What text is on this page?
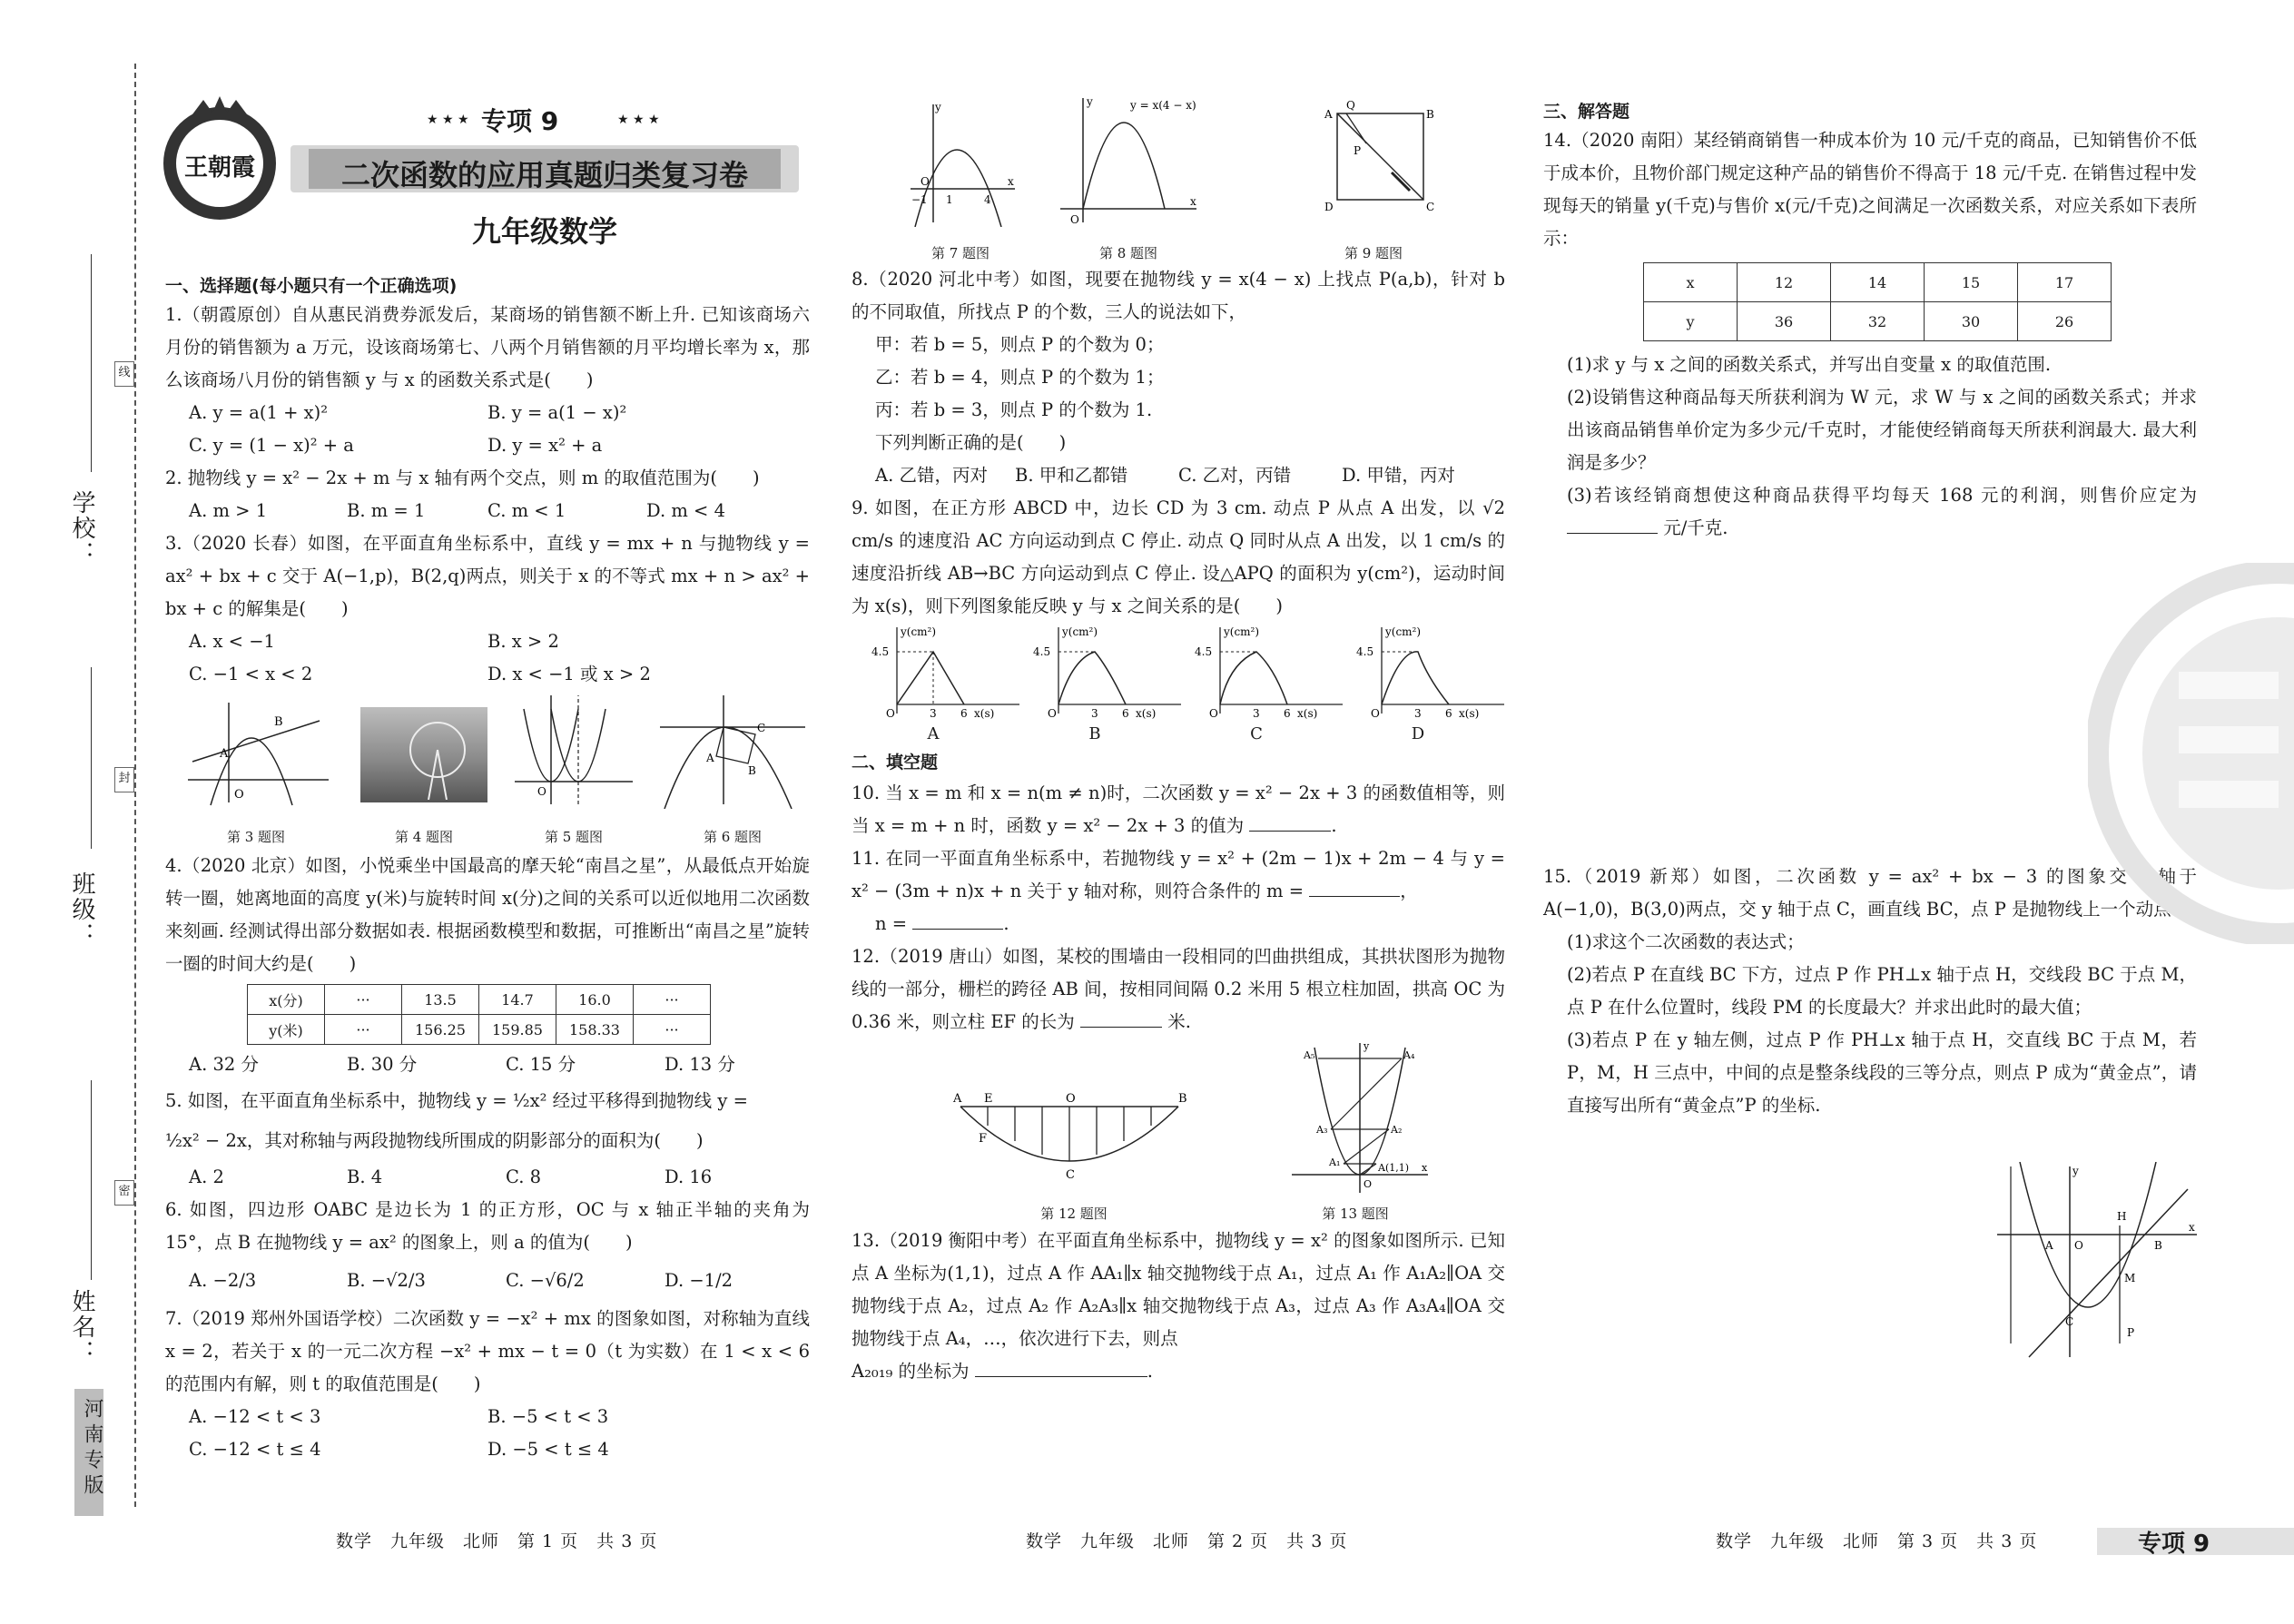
学校：
班级：
姓名：
线
封
密
河南专版
王朝霞
★ ★ ★ 专项 9	★ ★ ★
二次函数的应用真题归类复习卷
九年级数学
一、选择题(每小题只有一个正确选项)

1.（朝霞原创）自从惠民消费券派发后，某商场的销售额不断上升. 已知该商场六月份的销售额为 a 万元，设该商场第七、八两个月销售额的月平均增长率为 x，那么该商场八月份的销售额 y 与 x 的函数关系式是(　　)

A. y = a(1 + x)²	B. y = a(1 − x)²
C. y = (1 − x)² + a	D. y = x² + a

2. 抛物线 y = x² − 2x + m 与 x 轴有两个交点，则 m 的取值范围为(　　)

A. m > 1	B. m = 1	C. m < 1	D. m < 4

3.（2020 长春）如图，在平面直角坐标系中，直线 y = mx + n 与抛物线 y = ax² + bx + c 交于 A(−1,p)，B(2,q)两点，则关于 x 的不等式 mx + n > ax² + bx + c 的解集是(　　)

A. x < −1	B. x > 2
C. −1 < x < 2	D. x < −1 或 x > 2
A
B
O	O
C
B
A
第 3 题图	第 4 题图	第 5 题图	第 6 题图

4.（2020 北京）如图，小悦乘坐中国最高的摩天轮“南昌之星”，从最低点开始旋转一圈，她离地面的高度 y(米)与旋转时间 x(分)之间的关系可以近似地用二次函数来刻画. 经测试得出部分数据如表. 根据函数模型和数据，可推断出“南昌之星”旋转一圈的时间大约是(　　)

x(分)	···	13.5	14.7	16.0	···
y(米)	···	156.25	159.85	158.33	···
A. 32 分	B. 30 分	C. 15 分	D. 13 分

5. 如图，在平面直角坐标系中，抛物线 y = ½x² 经过平移得到抛物线 y =

½x² − 2x，其对称轴与两段抛物线所围成的阴影部分的面积为(　　)

A. 2	B. 4	C. 8	D. 16

6. 如图，四边形 OABC 是边长为 1 的正方形，OC 与 x 轴正半轴的夹角为 15°，点 B 在抛物线 y = ax² 的图象上，则 a 的值为(　　)

A. −2/3	B. −√2/3	C. −√6/2	D. −1/2

7.（2019 郑州外国语学校）二次函数 y = −x² + mx 的图象如图，对称轴为直线 x = 2，若关于 x 的一元二次方程 −x² + mx − t = 0（t 为实数）在 1 < x < 6 的范围内有解，则 t 的取值范围是(　　)

A. −12 < t < 3	B. −5 < t < 3
C. −12 < t ≤ 4	D. −5 < t ≤ 4
数学　九年级　北师　第 1 页　共 3 页
y
x
O
−1 1	4
y
x
O
y = x(4 − x)
A	B
D	C
Q
P
第 7 题图	第 8 题图	第 9 题图

8.（2020 河北中考）如图，现要在抛物线 y = x(4 − x) 上找点 P(a,b)，针对 b 的不同取值，所找点 P 的个数，三人的说法如下，

甲：若 b = 5，则点 P 的个数为 0；

乙：若 b = 4，则点 P 的个数为 1；

丙：若 b = 3，则点 P 的个数为 1.

下列判断正确的是(　　)

A. 乙错，丙对	B. 甲和乙都错	C. 乙对，丙错	D. 甲错，丙对

9. 如图，在正方形 ABCD 中，边长 CD 为 3 cm. 动点 P 从点 A 出发，以 √2 cm/s 的速度沿 AC 方向运动到点 C 停止. 动点 Q 同时从点 A 出发，以 1 cm/s 的速度沿折线 AB→BC 方向运动到点 C 停止. 设△APQ 的面积为 y(cm²)，运动时间为 x(s)，则下列图象能反映 y 与 x 之间关系的是(　　)

y(cm²)
4.5
O	3 6 x(s)
y(cm²)
4.5
O	3 6 x(s)
y(cm²)
4.5
O	3 6 x(s)
y(cm²)
4.5
O	3 6 x(s)
A	B	C	D
二、填空题

10. 当 x = m 和 x = n(m ≠ n)时，二次函数 y = x² − 2x + 3 的函数值相等，则当 x = m + n 时，函数 y = x² − 2x + 3 的值为	.

11. 在同一平面直角坐标系中，若抛物线 y = x² + (2m − 1)x + 2m − 4 与 y = x² − (3m + n)x + n 关于 y 轴对称，则符合条件的 m =	，

n =	.

12.（2019 唐山）如图，某校的围墙由一段相同的凹曲拱组成，其拱状图形为抛物线的一部分，栅栏的跨径 AB 间，按相同间隔 0.2 米用 5 根立柱加固，拱高 OC 为 0.36 米，则立柱 EF 的长为	米.

A E	O	B
F
C
y
x
O
A(1,1)
A₁
A₂
A₃
A₄
A₅
第 12 题图	第 13 题图

13.（2019 衡阳中考）在平面直角坐标系中，抛物线 y = x² 的图象如图所示. 已知点 A 坐标为(1,1)，过点 A 作 AA₁∥x 轴交抛物线于点 A₁，过点 A₁ 作 A₁A₂∥OA 交抛物线于点 A₂，过点 A₂ 作 A₂A₃∥x 轴交抛物线于点 A₃，过点 A₃ 作 A₃A₄∥OA 交抛物线于点 A₄，…，依次进行下去，则点

A₂₀₁₉ 的坐标为	.

数学　九年级　北师　第 2 页　共 3 页
三、解答题

14.（2020 南阳）某经销商销售一种成本价为 10 元/千克的商品，已知销售价不低于成本价，且物价部门规定这种产品的销售价不得高于 18 元/千克. 在销售过程中发现每天的销量 y(千克)与售价 x(元/千克)之间满足一次函数关系，对应关系如下表所示：

x	12	14	15	17
y	36	32	30	26

(1)求 y 与 x 之间的函数关系式，并写出自变量 x 的取值范围.

(2)设销售这种商品每天所获利润为 W 元，求 W 与 x 之间的函数关系式；并求出该商品销售单价定为多少元/千克时，才能使经销商每天所获利润最大. 最大利润是多少？

(3)若该经销商想使这种商品获得平均每天 168 元的利润，则售价应定为  元/千克.

15.（2019 新郑）如图，二次函数 y = ax² + bx − 3 的图象交 x 轴于 A(−1,0)，B(3,0)两点，交 y 轴于点 C，画直线 BC，点 P 是抛物线上一个动点.

(1)求这个二次函数的表达式；

(2)若点 P 在直线 BC 下方，过点 P 作 PH⊥x 轴于点 H，交线段 BC 于点 M，点 P 在什么位置时，线段 PM 的长度最大？并求出此时的最大值；

(3)若点 P 在 y 轴左侧，过点 P 作 PH⊥x 轴于点 H，交直线 BC 于点 M，若 P，M，H 三点中，中间的点是整条线段的三等分点，则点 P 成为“黄金点”，请直接写出所有“黄金点”P 的坐标.

y
x
A O
H
B
M
C
P
数学　九年级　北师　第 3 页　共 3 页	专项 9
